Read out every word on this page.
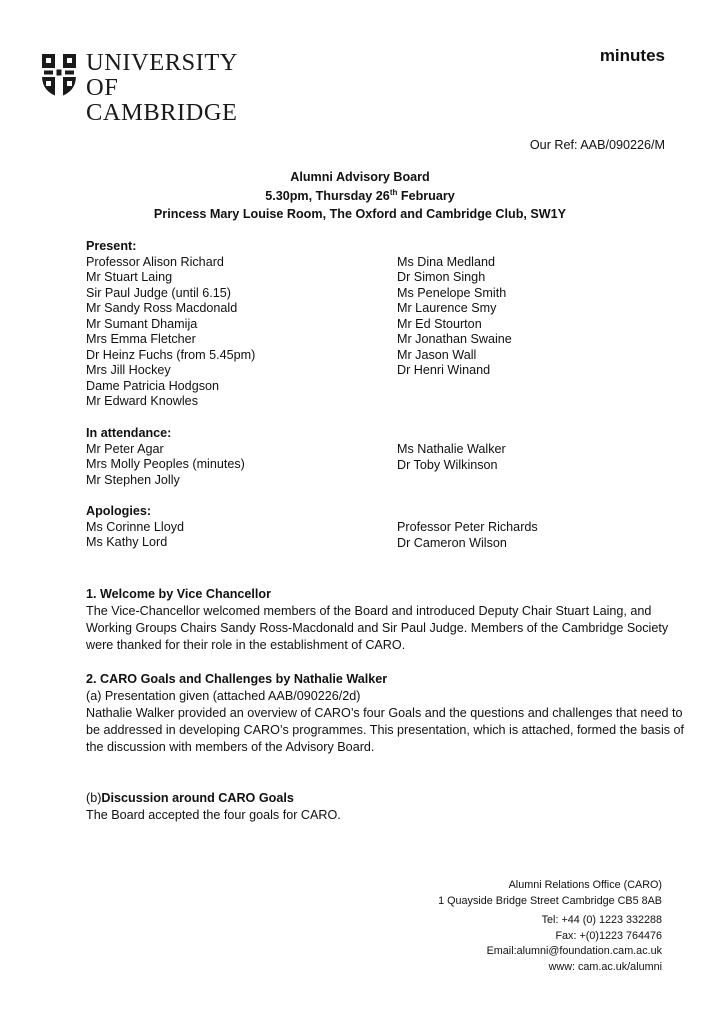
UNIVERSITY OF
CAMBRIDGE
minutes
Our Ref: AAB/090226/M
Alumni Advisory Board
5.30pm, Thursday 26th February
Princess Mary Louise Room, The Oxford and Cambridge Club, SW1Y
Present:
Professor Alison Richard
Mr Stuart Laing
Sir Paul Judge (until 6.15)
Mr Sandy Ross Macdonald
Mr Sumant Dhamija
Mrs Emma Fletcher
Dr Heinz Fuchs (from 5.45pm)
Mrs Jill Hockey
Dame Patricia Hodgson
Mr Edward Knowles
Ms Dina Medland
Dr Simon Singh
Ms Penelope Smith
Mr Laurence Smy
Mr Ed Stourton
Mr Jonathan Swaine
Mr Jason Wall
Dr Henri Winand
In attendance:
Mr Peter Agar
Mrs Molly Peoples (minutes)
Mr Stephen Jolly
Ms Nathalie Walker
Dr Toby Wilkinson
Apologies:
Ms Corinne Lloyd
Ms Kathy Lord
Professor Peter Richards
Dr Cameron Wilson
1. Welcome by Vice Chancellor
The Vice-Chancellor welcomed members of the Board and introduced Deputy Chair Stuart Laing, and Working Groups Chairs Sandy Ross-Macdonald and Sir Paul Judge. Members of the Cambridge Society were thanked for their role in the establishment of CARO.
2. CARO Goals and Challenges by Nathalie Walker
(a) Presentation given (attached AAB/090226/2d)
Nathalie Walker provided an overview of CARO’s four Goals and the questions and challenges that need to be addressed in developing CARO’s programmes. This presentation, which is attached, formed the basis of the discussion with members of the Advisory Board.
(b)Discussion around CARO Goals
The Board accepted the four goals for CARO.
Alumni Relations Office (CARO)
1 Quayside Bridge Street Cambridge CB5 8AB
Tel: +44 (0) 1223 332288
Fax: +(0)1223 764476
Email:alumni@foundation.cam.ac.uk
www: cam.ac.uk/alumni
